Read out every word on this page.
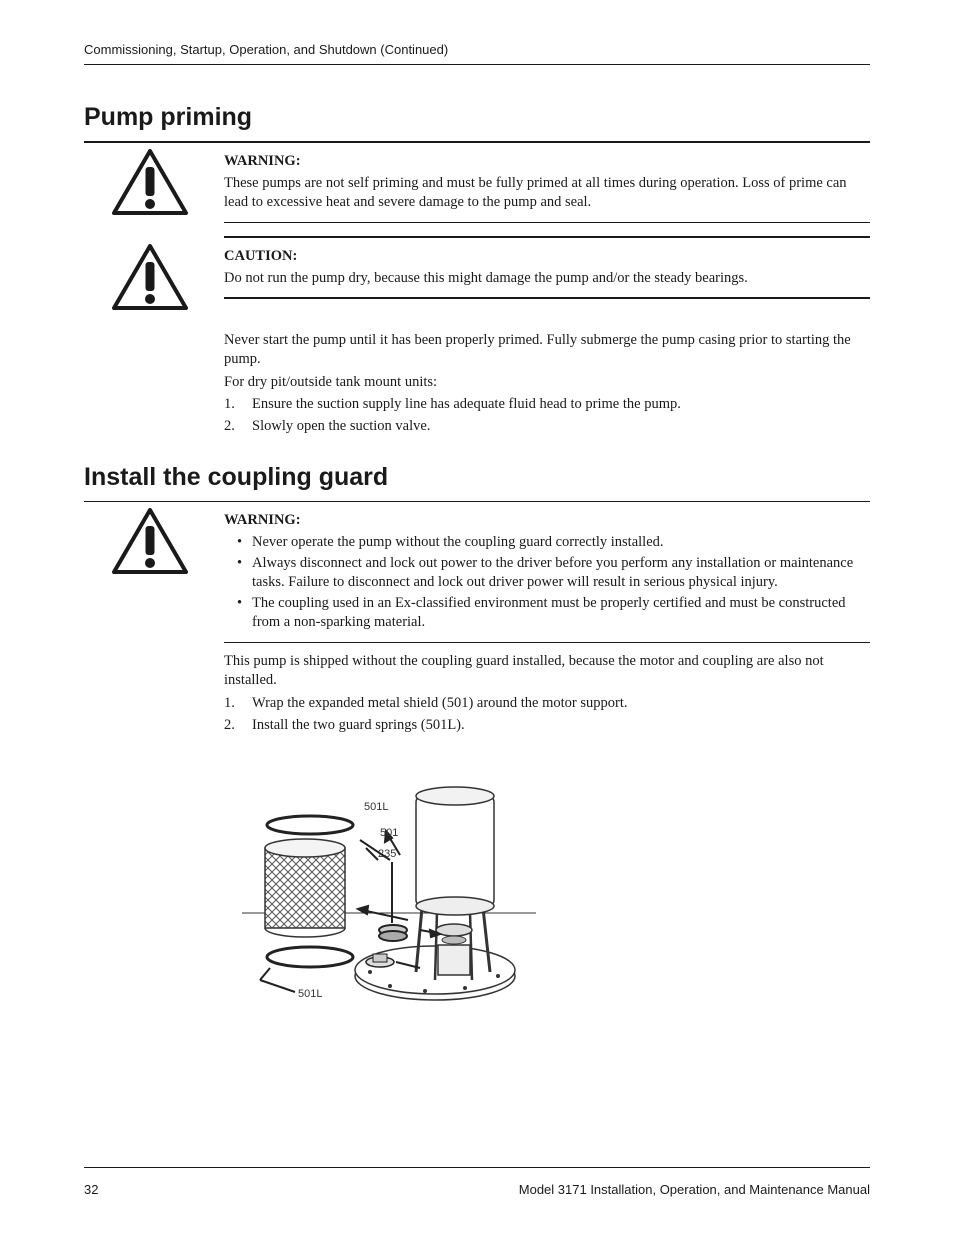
Commissioning, Startup, Operation, and Shutdown (Continued)
Pump priming
WARNING:
These pumps are not self priming and must be fully primed at all times during operation. Loss of prime can lead to excessive heat and severe damage to the pump and seal.
CAUTION:
Do not run the pump dry, because this might damage the pump and/or the steady bearings.
Never start the pump until it has been properly primed. Fully submerge the pump casing prior to starting the pump.
For dry pit/outside tank mount units:
1. Ensure the suction supply line has adequate fluid head to prime the pump.
2. Slowly open the suction valve.
Install the coupling guard
WARNING:
• Never operate the pump without the coupling guard correctly installed.
• Always disconnect and lock out power to the driver before you perform any installation or maintenance tasks. Failure to disconnect and lock out driver power will result in serious physical injury.
• The coupling used in an Ex-classified environment must be properly certified and must be constructed from a non-sparking material.
This pump is shipped without the coupling guard installed, because the motor and coupling are also not installed.
1. Wrap the expanded metal shield (501) around the motor support.
2. Install the two guard springs (501L).
501L
501
235
501L
32	Model 3171 Installation, Operation, and Maintenance Manual
